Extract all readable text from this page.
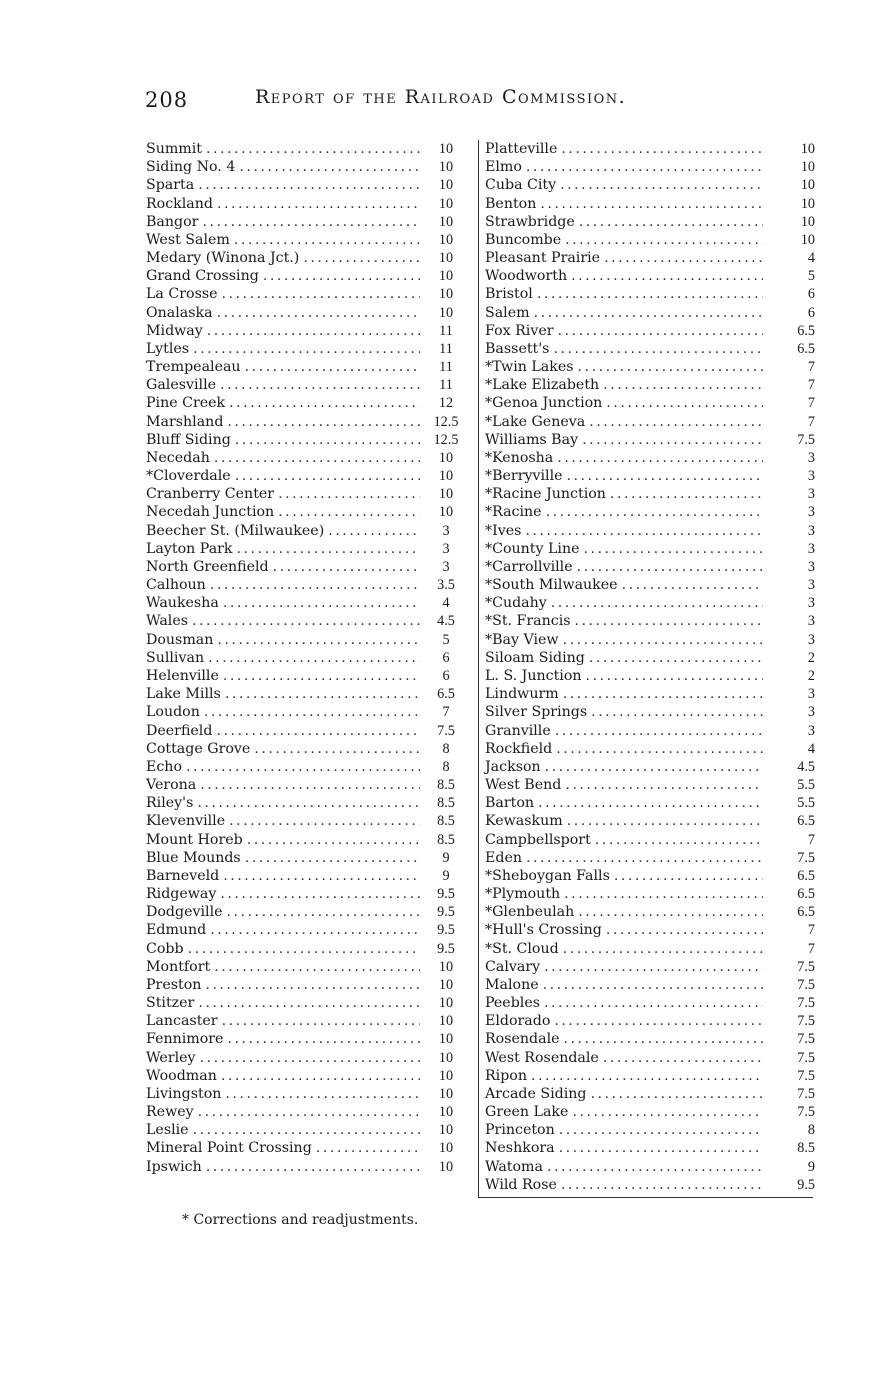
208	Report of the Railroad Commission.
Summit .....	10
Siding No. 4 .....	10
Sparta .....	10
Rockland .....	10
Bangor .....	10
West Salem .....	10
Medary (Winona Jct.) .....	10
Grand Crossing .....	10
La Crosse .....	10
Onalaska .....	10
Midway .....	11
Lytles .....	11
Trempealeau .....	11
Galesville .....	11
Pine Creek .....	12
Marshland .....	12.5
Bluff Siding .....	12.5
Necedah .....	10
*Cloverdale .....	10
Cranberry Center .....	10
Necedah Junction .....	10
Beecher St. (Milwaukee) .....	3
Layton Park .....	3
North Greenfield .....	3
Calhoun .....	3.5
Waukesha .....	4
Wales .....	4.5
Dousman .....	5
Sullivan .....	6
Helenville .....	6
Lake Mills .....	6.5
Loudon .....	7
Deerfield .....	7.5
Cottage Grove .....	8
Echo .....	8
Verona .....	8.5
Riley's .....	8.5
Klevenville .....	8.5
Mount Horeb .....	8.5
Blue Mounds .....	9
Barneveld .....	9
Ridgeway .....	9.5
Dodgeville .....	9.5
Edmund .....	9.5
Cobb .....	9.5
Montfort .....	10
Preston .....	10
Stitzer .....	10
Lancaster .....	10
Fennimore .....	10
Werley .....	10
Woodman .....	10
Livingston .....	10
Rewey .....	10
Leslie .....	10
Mineral Point Crossing .....	10
Ipswich .....	10
Platteville .....	10
Elmo .....	10
Cuba City .....	10
Benton .....	10
Strawbridge .....	10
Buncombe .....	10
Pleasant Prairie .....	4
Woodworth .....	5
Bristol .....	6
Salem .....	6
Fox River .....	6.5
Bassett's .....	6.5
*Twin Lakes .....	7
*Lake Elizabeth .....	7
*Genoa Junction .....	7
*Lake Geneva .....	7
Williams Bay .....	7.5
*Kenosha .....	3
*Berryville .....	3
*Racine Junction .....	3
*Racine .....	3
*Ives .....	3
*County Line .....	3
*Carrollville .....	3
*South Milwaukee .....	3
*Cudahy .....	3
*St. Francis .....	3
*Bay View .....	3
Siloam Siding .....	2
L. S. Junction .....	2
Lindwurm .....	3
Silver Springs .....	3
Granville .....	3
Rockfield .....	4
Jackson .....	4.5
West Bend .....	5.5
Barton .....	5.5
Kewaskum .....	6.5
Campbellsport .....	7
Eden .....	7.5
*Sheboygan Falls .....	6.5
*Plymouth .....	6.5
*Glenbeulah .....	6.5
*Hull's Crossing .....	7
*St. Cloud .....	7
Calvary .....	7.5
Malone .....	7.5
Peebles .....	7.5
Eldorado .....	7.5
Rosendale .....	7.5
West Rosendale .....	7.5
Ripon .....	7.5
Arcade Siding .....	7.5
Green Lake .....	7.5
Princeton .....	8
Neshkora .....	8.5
Watoma .....	9
Wild Rose .....	9.5
* Corrections and readjustments.
